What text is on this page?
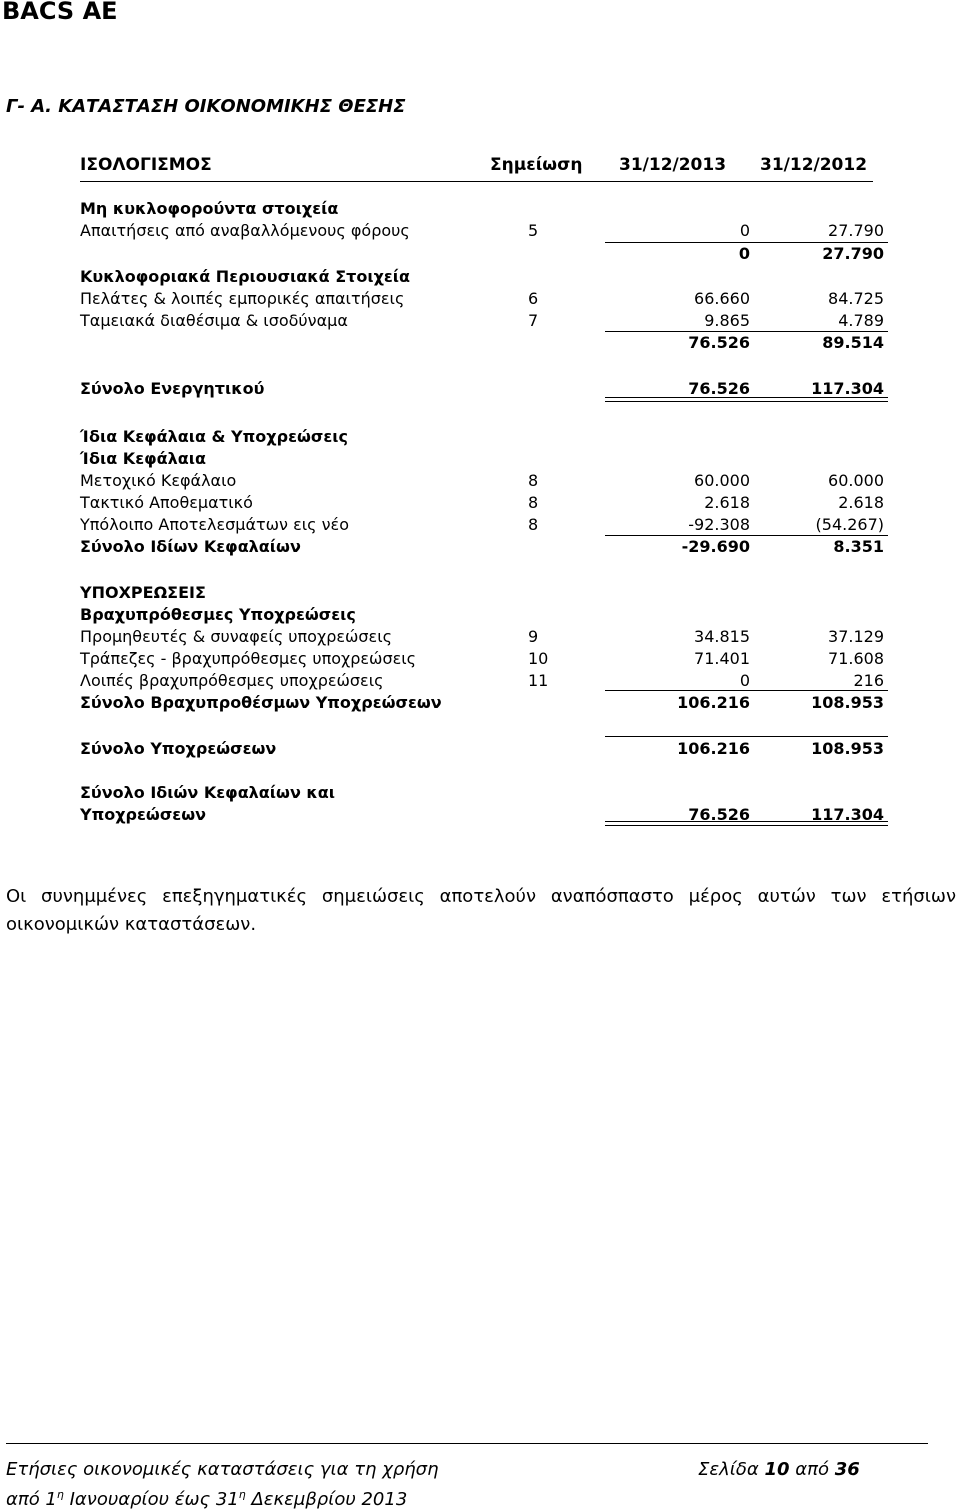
BACS AE
Γ- Α. ΚΑΤΑΣΤΑΣΗ ΟΙΚΟΝΟΜΙΚΗΣ ΘΕΣΗΣ
ΙΣΟΛΟΓΙΣΜΟΣ	Σημείωση 31/12/2013 31/12/2012
Μη κυκλοφορούντα στοιχεία
Απαιτήσεις από αναβαλλόμενους φόρους	5	0	27.790
0	27.790
Κυκλοφοριακά Περιουσιακά Στοιχεία
Πελάτες & λοιπές εμπορικές απαιτήσεις	6	66.660	84.725
Ταμειακά διαθέσιμα & ισοδύναμα	7	9.865	4.789
76.526	89.514
Σύνολο Ενεργητικού	76.526	117.304
Ίδια Κεφάλαια & Υποχρεώσεις
Ίδια Κεφάλαια
Μετοχικό Κεφάλαιο	8	60.000	60.000
Τακτικό Αποθεματικό	8	2.618	2.618
Υπόλοιπο Αποτελεσμάτων εις νέο	8	-92.308	(54.267)
Σύνολο Ιδίων Κεφαλαίων	-29.690	8.351
ΥΠΟΧΡΕΩΣΕΙΣ
Βραχυπρόθεσμες Υποχρεώσεις
Προμηθευτές & συναφείς υποχρεώσεις	9	34.815	37.129
Τράπεζες - βραχυπρόθεσμες υποχρεώσεις	10	71.401	71.608
Λοιπές βραχυπρόθεσμες υποχρεώσεις	11	0	216
Σύνολο Βραχυπροθέσμων Υποχρεώσεων	106.216	108.953
Σύνολο Υποχρεώσεων	106.216	108.953
Σύνολο Ιδιών Κεφαλαίων και
Υποχρεώσεων	76.526	117.304
Οι συνημμένες επεξηγηματικές σημειώσεις αποτελούν αναπόσπαστο μέρος αυτών των ετήσιων οικονομικών καταστάσεων.
Ετήσιες οικονομικές καταστάσεις για τη χρήση
από $1^\eta$ Ιανουαρίου έως $31^\eta$ Δεκεμβρίου 2013
Σελίδα 10 από 36
